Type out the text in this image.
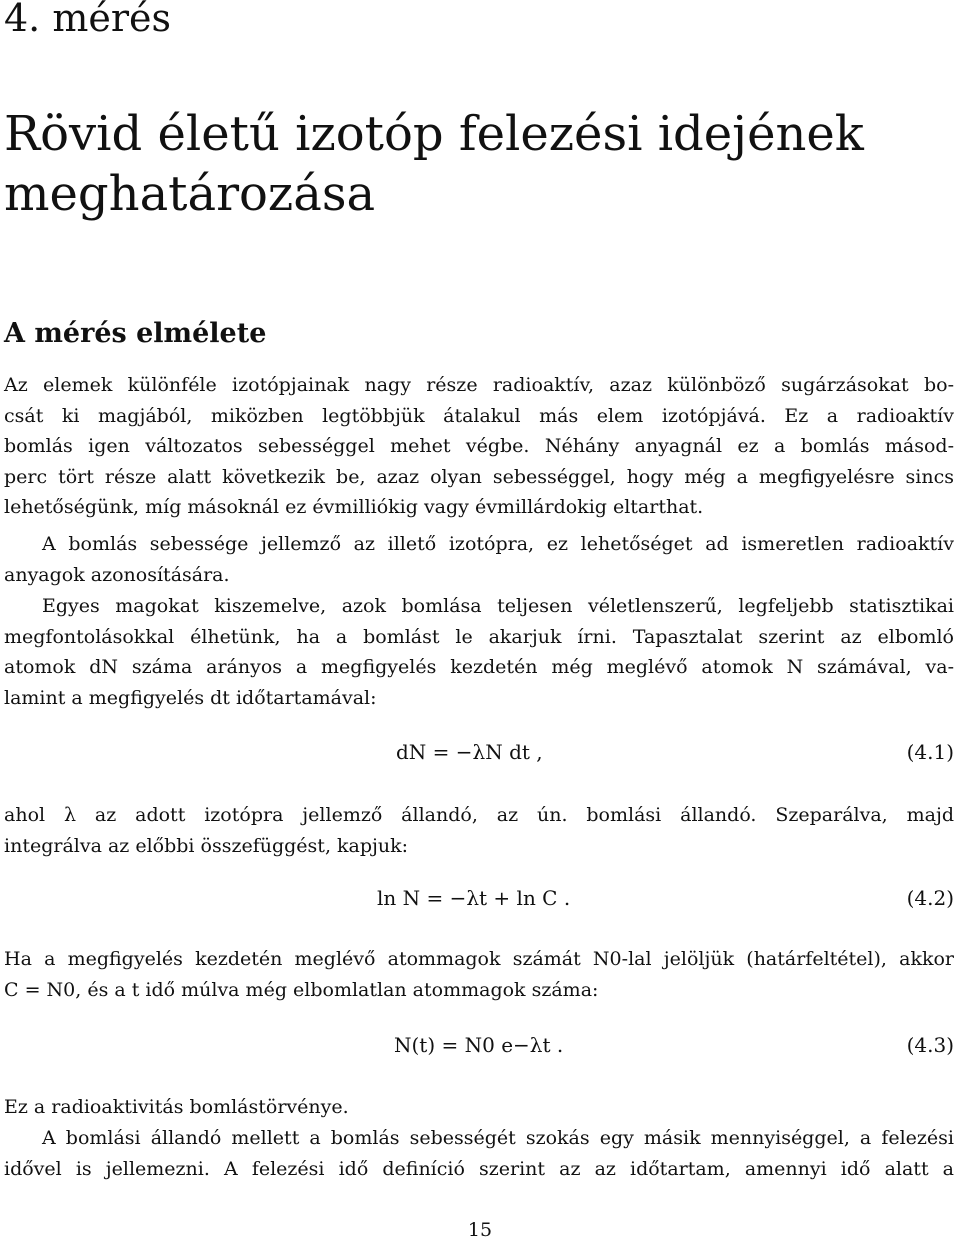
4. mérés
Rövid életű izotóp felezési idejének meghatározása
A mérés elmélete
Az elemek különféle izotópjainak nagy része radioaktív, azaz különböző sugárzásokat bo-
csát ki magjából, miközben legtöbbjük átalakul más elem izotópjává. Ez a radioaktív
bomlás igen változatos sebességgel mehet végbe. Néhány anyagnál ez a bomlás másod-
perc tört része alatt következik be, azaz olyan sebességgel, hogy még a megfigyelésre sincs
lehetőségünk, míg másoknál ez évmilliókig vagy évmillárdokig eltarthat.
A bomlás sebessége jellemző az illető izotópra, ez lehetőséget ad ismeretlen radioaktív
anyagok azonosítására.
Egyes magokat kiszemelve, azok bomlása teljesen véletlenszerű, legfeljebb statisztikai
megfontolásokkal élhetünk, ha a bomlást le akarjuk írni. Tapasztalat szerint az elbomló
atomok dN száma arányos a megfigyelés kezdetén még meglévő atomok N számával, va-
lamint a megfigyelés dt időtartamával:
dN = −λN dt ,	(4.1)
ahol λ az adott izotópra jellemző állandó, az ún. bomlási állandó. Szeparálva, majd
integrálva az előbbi összefüggést, kapjuk:
ln N = −λt + ln C .	(4.2)
Ha a megfigyelés kezdetén meglévő atommagok számát N0-lal jelöljük (határfeltétel), akkor
C = N0, és a t idő múlva még elbomlatlan atommagok száma:
N(t) = N0 e−λt .	(4.3)
Ez a radioaktivitás bomlástörvénye.
A bomlási állandó mellett a bomlás sebességét szokás egy másik mennyiséggel, a felezési
idővel is jellemezni. A felezési idő definíció szerint az az időtartam, amennyi idő alatt a
15
